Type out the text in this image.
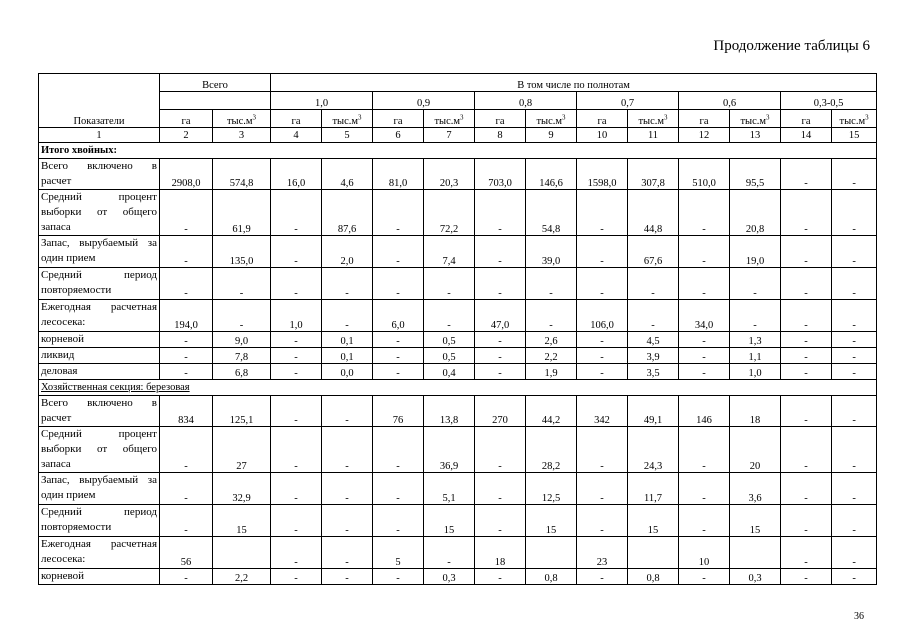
Продолжение таблицы 6
Показатели	Всего		В том числе по полнотам											
			1,0		0,9		0,8		0,7		0,6		0,3-0,5	
	га	$тыс.м^3$	га	$тыс.м^3$	га	$тыс.м^3$	га	$тыс.м^3$	га	$тыс.м^3$	га	$тыс.м^3$	га	$тыс.м^3$
1	2	3	4	5	6	7	8	9	10	11	12	13	14	15
Итого хвойных:														
Всего включено в расчет	2908,0	574,8	16,0	4,6	81,0	20,3	703,0	146,6	1598,0	307,8	510,0	95,5	-	-
Средний процент выборки от общего запаса	-	61,9	-	87,6	-	72,2	-	54,8	-	44,8	-	20,8	-	-
Запас, вырубаемый за один прием	-	135,0	-	2,0	-	7,4	-	39,0	-	67,6	-	19,0	-	-
Средний период повторяемости	-	-	-	-	-	-	-	-	-	-	-	-	-	-
Ежегодная расчетная лесосека:	194,0	-	1,0	-	6,0	-	47,0	-	106,0	-	34,0	-	-	-
корневой	-	9,0	-	0,1	-	0,5	-	2,6	-	4,5	-	1,3	-	-
ликвид	-	7,8	-	0,1	-	0,5	-	2,2	-	3,9	-	1,1	-	-
деловая	-	6,8	-	0,0	-	0,4	-	1,9	-	3,5	-	1,0	-	-
Хозяйственная секция: березовая														
Всего включено в расчет	834	125,1	-	-	76	13,8	270	44,2	342	49,1	146	18	-	-
Средний процент выборки от общего запаса	-	27	-	-	-	36,9	-	28,2	-	24,3	-	20	-	-
Запас, вырубаемый за один прием	-	32,9	-	-	-	5,1	-	12,5	-	11,7	-	3,6	-	-
Средний период повторяемости	-	15	-	-	-	15	-	15	-	15	-	15	-	-
Ежегодная расчетная лесосека:	56		-	-	5	-	18		23		10		-	-
корневой	-	2,2	-	-	-	0,3	-	0,8	-	0,8	-	0,3	-	-
36
